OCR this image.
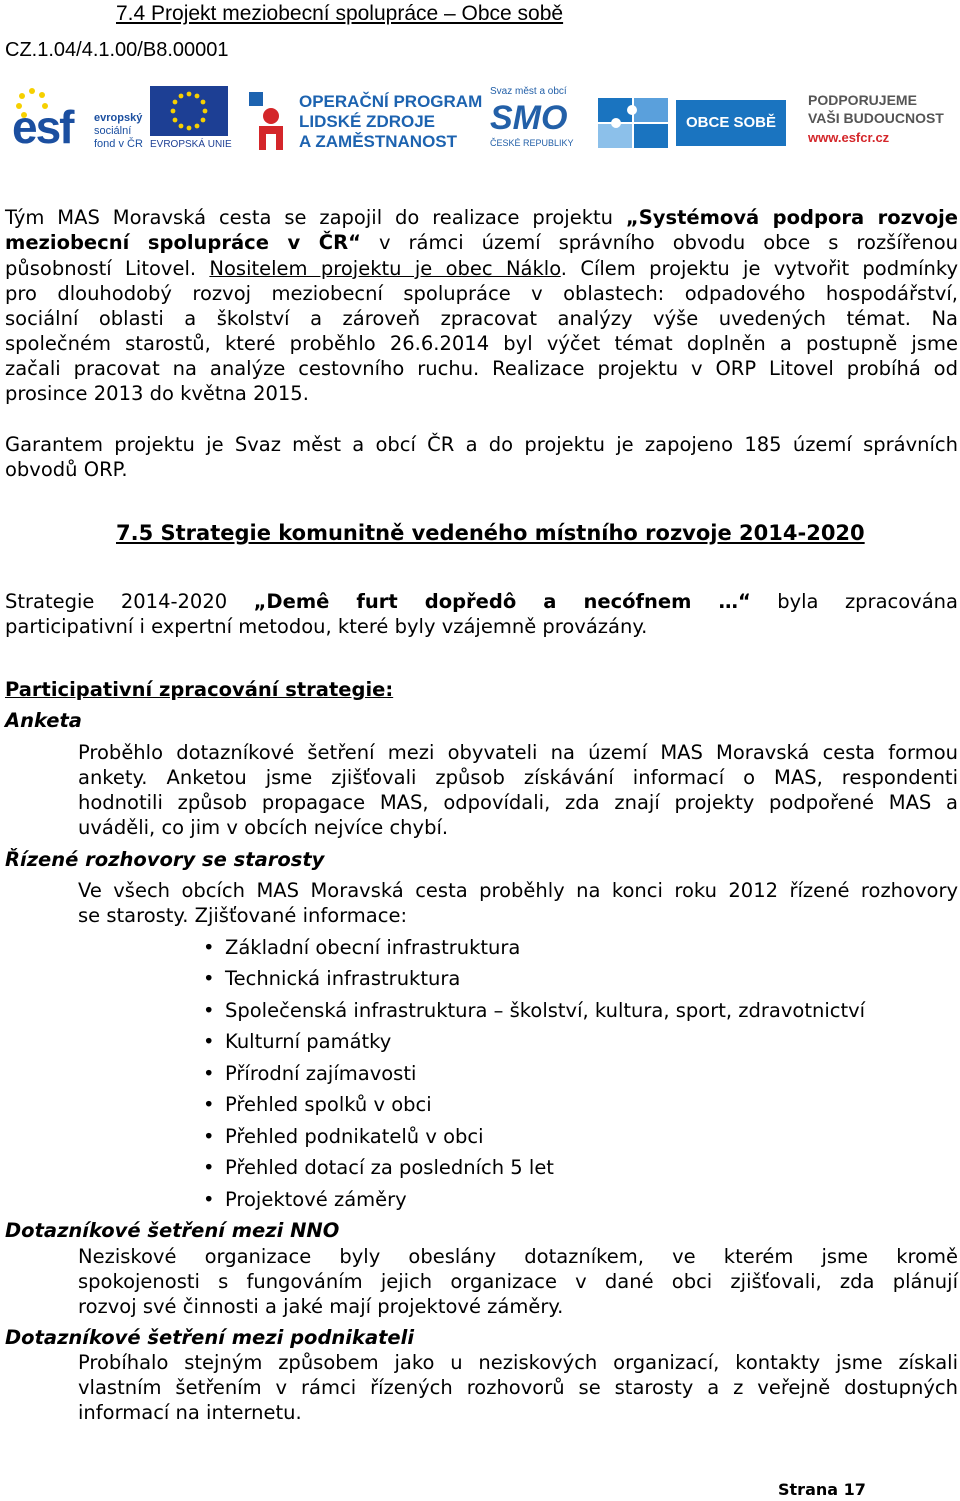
7.4 Projekt meziobecní spolupráce – Obce sobě
CZ.1.04/4.1.00/B8.00001
esf evropský
sociální
fond v ČR EVROPSKÁ UNIE
OPERAČNÍ PROGRAM
LIDSKÉ ZDROJE
A ZAMĚSTNANOST
Svaz měst a obcí
SMO
ČESKÉ REPUBLIKY
OBCE SOBĚ
PODPORUJEME
VAŠI BUDOUCNOST
www.esfcr.cz
Tým MAS Moravská cesta se zapojil do realizace projektu „Systémová podpora rozvoje
meziobecní spolupráce v ČR“ v rámci území správního obvodu obce s rozšířenou
působností Litovel. Nositelem projektu je obec Náklo. Cílem projektu je vytvořit podmínky
pro dlouhodobý rozvoj meziobecní spolupráce v oblastech: odpadového hospodářství,
sociální oblasti a školství a zároveň zpracovat analýzy výše uvedených témat. Na
společném starostů, které proběhlo 26.6.2014 byl výčet témat doplněn a postupně jsme
začali pracovat na analýze cestovního ruchu. Realizace projektu v ORP Litovel probíhá od
prosince 2013 do května 2015.
Garantem projektu je Svaz měst a obcí ČR a do projektu je zapojeno 185 území správních
obvodů ORP.
7.5 Strategie komunitně vedeného místního rozvoje 2014-2020
Strategie 2014-2020 „Demê furt dopředô a necófnem …“ byla zpracována
participativní i expertní metodou, které byly vzájemně provázány.
Participativní zpracování strategie:
Anketa
Proběhlo dotazníkové šetření mezi obyvateli na území MAS Moravská cesta formou
ankety. Anketou jsme zjišťovali způsob získávání informací o MAS, respondenti
hodnotili způsob propagace MAS, odpovídali, zda znají projekty podpořené MAS a
uváděli, co jim v obcích nejvíce chybí.
Řízené rozhovory se starosty
Ve všech obcích MAS Moravská cesta proběhly na konci roku 2012 řízené rozhovory
se starosty. Zjišťované informace:
• Základní obecní infrastruktura
• Technická infrastruktura
• Společenská infrastruktura – školství, kultura, sport, zdravotnictví
• Kulturní památky
• Přírodní zajímavosti
• Přehled spolků v obci
• Přehled podnikatelů v obci
• Přehled dotací za posledních 5 let
• Projektové záměry
Dotazníkové šetření mezi NNO
Neziskové organizace byly obeslány dotazníkem, ve kterém jsme kromě
spokojenosti s fungováním jejich organizace v dané obci zjišťovali, zda plánují
rozvoj své činnosti a jaké mají projektové záměry.
Dotazníkové šetření mezi podnikateli
Probíhalo stejným způsobem jako u neziskových organizací, kontakty jsme získali
vlastním šetřením v rámci řízených rozhovorů se starosty a z veřejně dostupných
informací na internetu.
Strana 17
